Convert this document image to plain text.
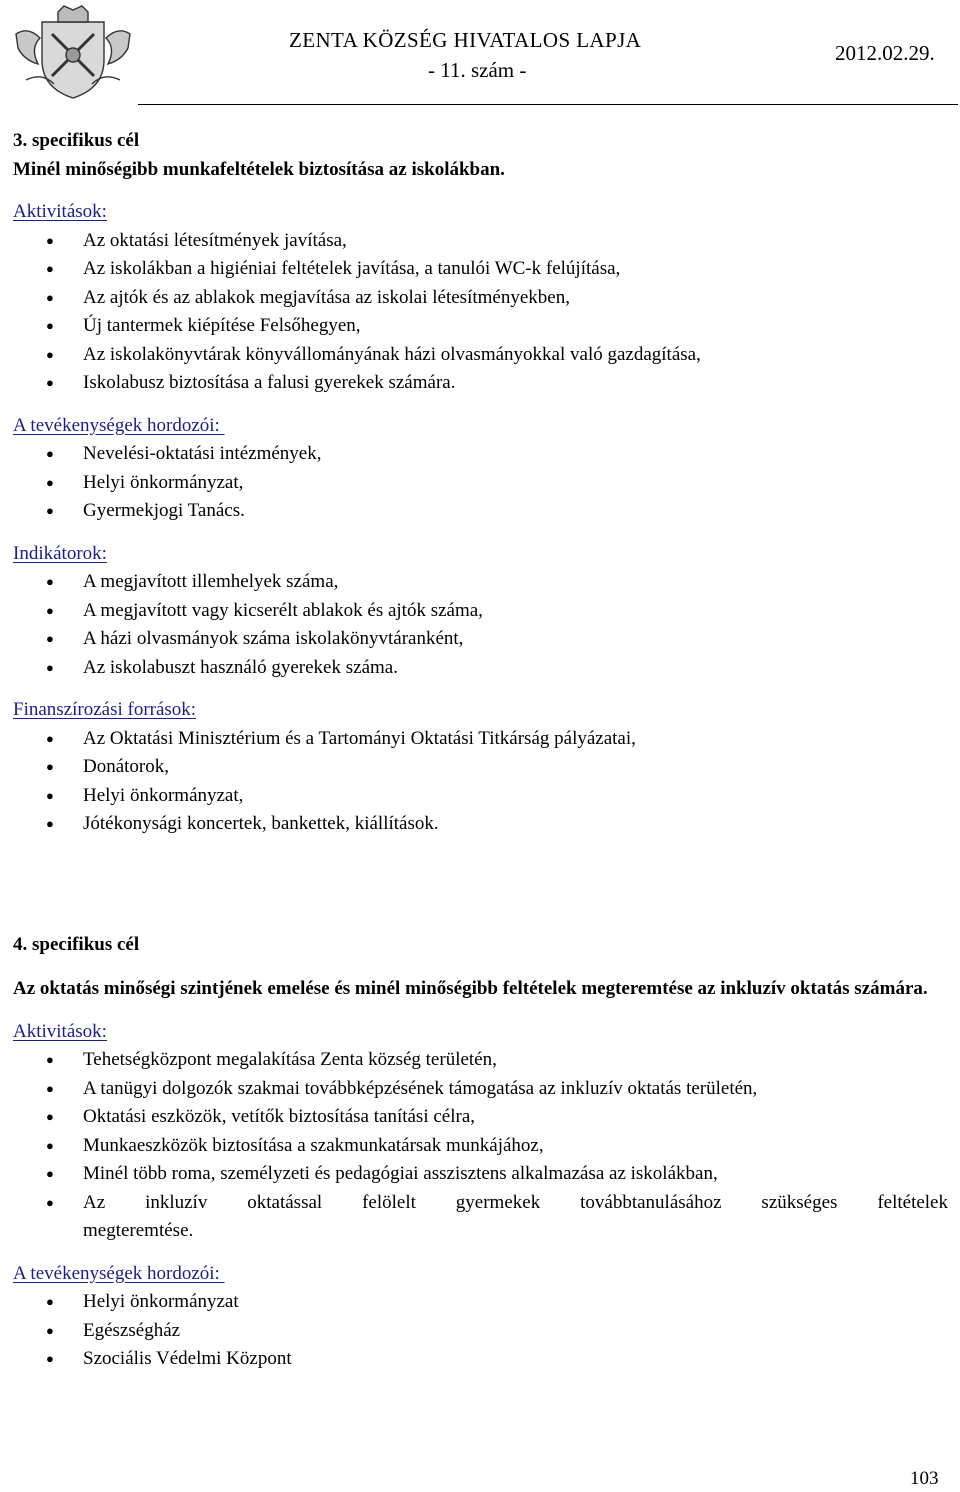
ZENTA KÖZSÉG HIVATALOS LAPJA
- 11. szám -
2012.02.29.
3. specifikus cél
Minél minőségibb munkafeltételek biztosítása az iskolákban.
Aktivitások:
● Az oktatási létesítmények javítása,
● Az iskolákban a higiéniai feltételek javítása, a tanulói WC-k felújítása,
● Az ajtók és az ablakok megjavítása az iskolai létesítményekben,
● Új tantermek kiépítése Felsőhegyen,
● Az iskolakönyvtárak könyvállományának házi olvasmányokkal való gazdagítása,
● Iskolabusz biztosítása a falusi gyerekek számára.
A tevékenységek hordozói:
● Nevelési-oktatási intézmények,
● Helyi önkormányzat,
● Gyermekjogi Tanács.
Indikátorok:
● A megjavított illemhelyek száma,
● A megjavított vagy kicserélt ablakok és ajtók száma,
● A házi olvasmányok száma iskolakönyvtáranként,
● Az iskolabuszt használó gyerekek száma.
Finanszírozási források:
● Az Oktatási Minisztérium és a Tartományi Oktatási Titkárság pályázatai,
● Donátorok,
● Helyi önkormányzat,
● Jótékonysági koncertek, bankettek, kiállítások.
4. specifikus cél
Az oktatás minőségi szintjének emelése és minél minőségibb feltételek megteremtése az inkluzív oktatás számára.
Aktivitások:
● Tehetségközpont megalakítása Zenta község területén,
● A tanügyi dolgozók szakmai továbbképzésének támogatása az inkluzív oktatás területén,
● Oktatási eszközök, vetítők biztosítása tanítási célra,
● Munkaeszközök biztosítása a szakmunkatársak munkájához,
● Minél több roma, személyzeti és pedagógiai asszisztens alkalmazása az iskolákban,
● Az inkluzív oktatással felölelt gyermekek továbbtanulásához szükséges feltételek
megteremtése.
A tevékenységek hordozói:
● Helyi önkormányzat
● Egészségház
● Szociális Védelmi Központ
103
